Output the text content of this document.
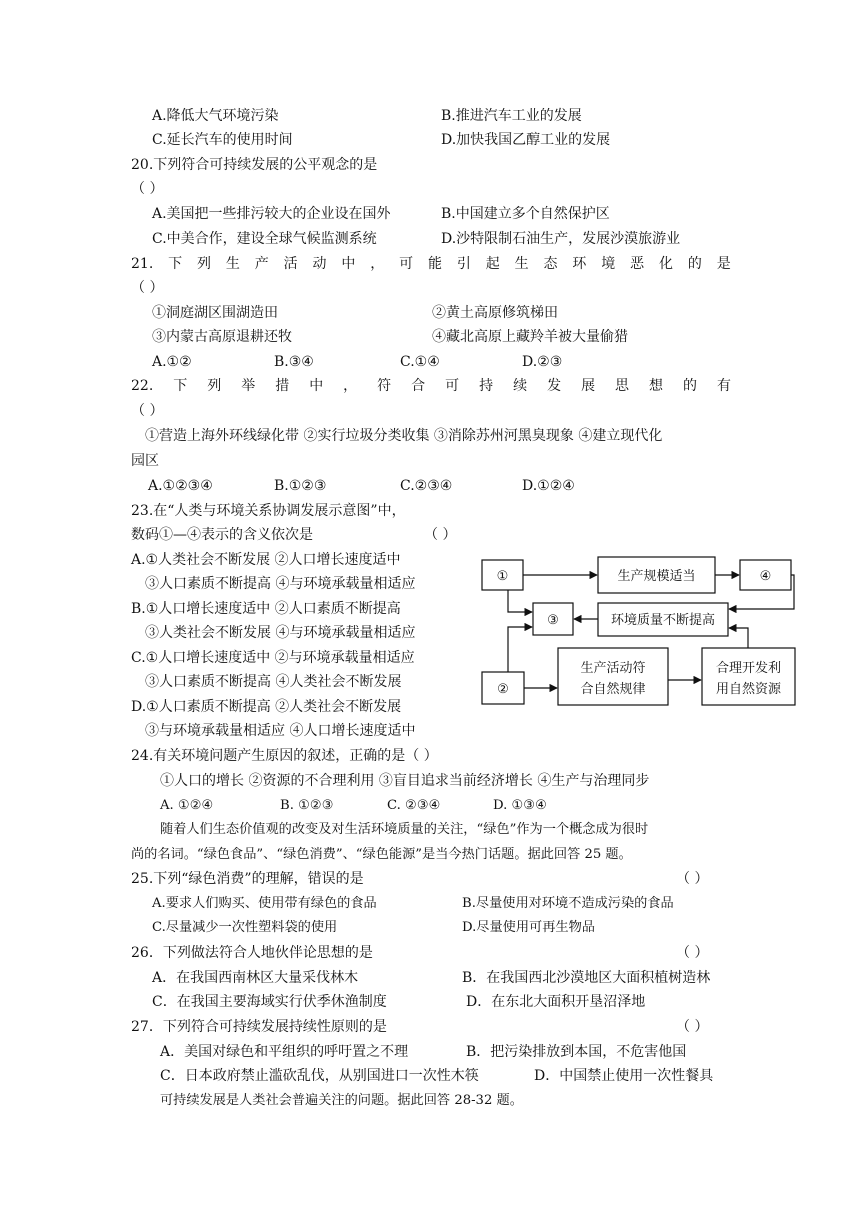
A.降低大气环境污染	B.推进汽车工业的发展
C.延长汽车的使用时间	D.加快我国乙醇工业的发展
20.下列符合可持续发展的公平观念的是
（ ）
A.美国把一些排污较大的企业设在国外	B.中国建立多个自然保护区
C.中美合作，建设全球气候监测系统	D.沙特限制石油生产，发展沙漠旅游业
21. 下 列 生 产 活 动 中 ， 可 能 引 起 生 态 环 境 恶 化 的 是
（ ）
①洞庭湖区围湖造田	②黄土高原修筑梯田
③内蒙古高原退耕还牧	④藏北高原上藏羚羊被大量偷猎
A.①②	B.③④	C.①④	D.②③
22. 下 列 举 措 中 ， 符 合 可 持 续 发 展 思 想 的 有
（ ）
①营造上海外环线绿化带 ②实行垃圾分类收集 ③消除苏州河黑臭现象 ④建立现代化
园区
A.①②③④	B.①②③	C.②③④	D.①②④
23.在“人类与环境关系协调发展示意图”中，
数码①—④表示的含义依次是	（ ）
A.①人类社会不断发展 ②人口增长速度适中
③人口素质不断提高 ④与环境承载量相适应
B.①人口增长速度适中 ②人口素质不断提高
③人类社会不断发展 ④与环境承载量相适应
C.①人口增长速度适中 ②与环境承载量相适应
③人口素质不断提高 ④人类社会不断发展
D.①人口素质不断提高 ②人类社会不断发展
③与环境承载量相适应 ④人口增长速度适中
①	生产规模适当	④
③	环境质量不断提高
生产活动符
合自然规律
合理开发利
用自然资源
②
24.有关环境问题产生原因的叙述，正确的是（ ）
①人口的增长 ②资源的不合理利用 ③盲目追求当前经济增长 ④生产与治理同步
A. ①②④	B. ①②③	C. ②③④	D. ①③④
随着人们生态价值观的改变及对生活环境质量的关注，“绿色”作为一个概念成为很时
尚的名词。“绿色食品”、“绿色消费”、“绿色能源”是当今热门话题。据此回答 25 题。
25.下列“绿色消费”的理解，错误的是	（ ）
A.要求人们购买、使用带有绿色的食品	B.尽量使用对环境不造成污染的食品
C.尽量减少一次性塑料袋的使用	D.尽量使用可再生物品
26．下列做法符合人地伙伴论思想的是	（ ）
A．在我国西南林区大量采伐林木	B．在我国西北沙漠地区大面积植树造林
C．在我国主要海域实行伏季休渔制度	D．在东北大面积开垦沼泽地
27．下列符合可持续发展持续性原则的是	（ ）
A．美国对绿色和平组织的呼吁置之不理	B．把污染排放到本国，不危害他国
C．日本政府禁止滥砍乱伐，从别国进口一次性木筷	D．中国禁止使用一次性餐具
可持续发展是人类社会普遍关注的问题。据此回答 28-32 题。
